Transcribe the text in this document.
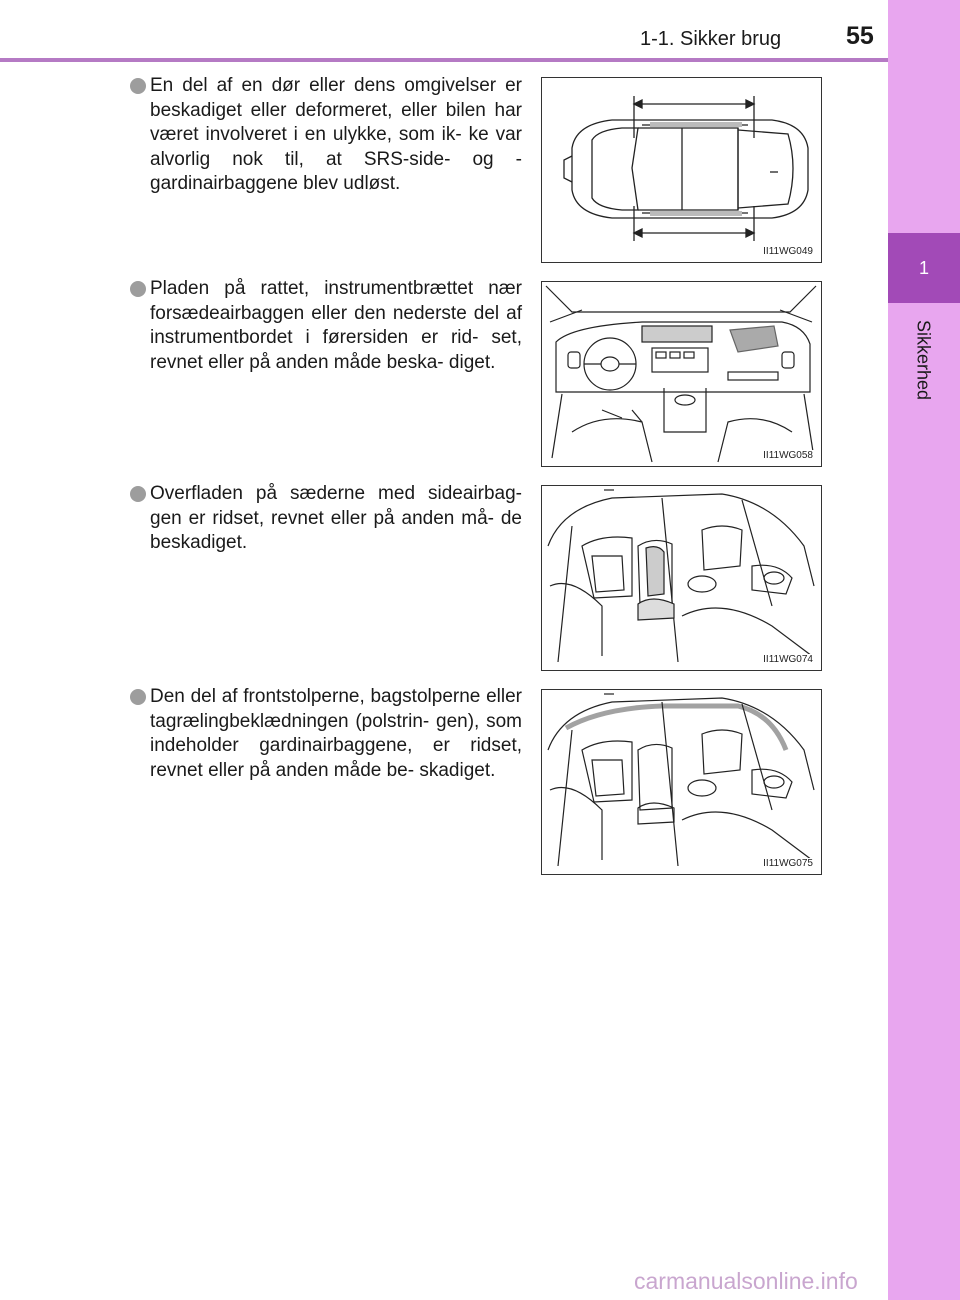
1-1. Sikker brug	55
1
Sikkerhed
En del af en dør eller dens omgivelser er beskadiget eller deformeret, eller bilen har været involveret i en ulykke, som ik- ke var alvorlig nok til, at SRS-side- og - gardinairbaggene blev udløst.
II11WG049
Pladen på rattet, instrumentbrættet nær forsædeairbaggen eller den nederste del af instrumentbordet i førersiden er rid- set, revnet eller på anden måde beska- diget.
II11WG058
Overfladen på sæderne med sideairbag- gen er ridset, revnet eller på anden må- de beskadiget.
II11WG074
Den del af frontstolperne, bagstolperne eller tagrælingbeklædningen (polstrin- gen), som indeholder gardinairbaggene, er ridset, revnet eller på anden måde be- skadiget.
II11WG075
carmanualsonline.info
